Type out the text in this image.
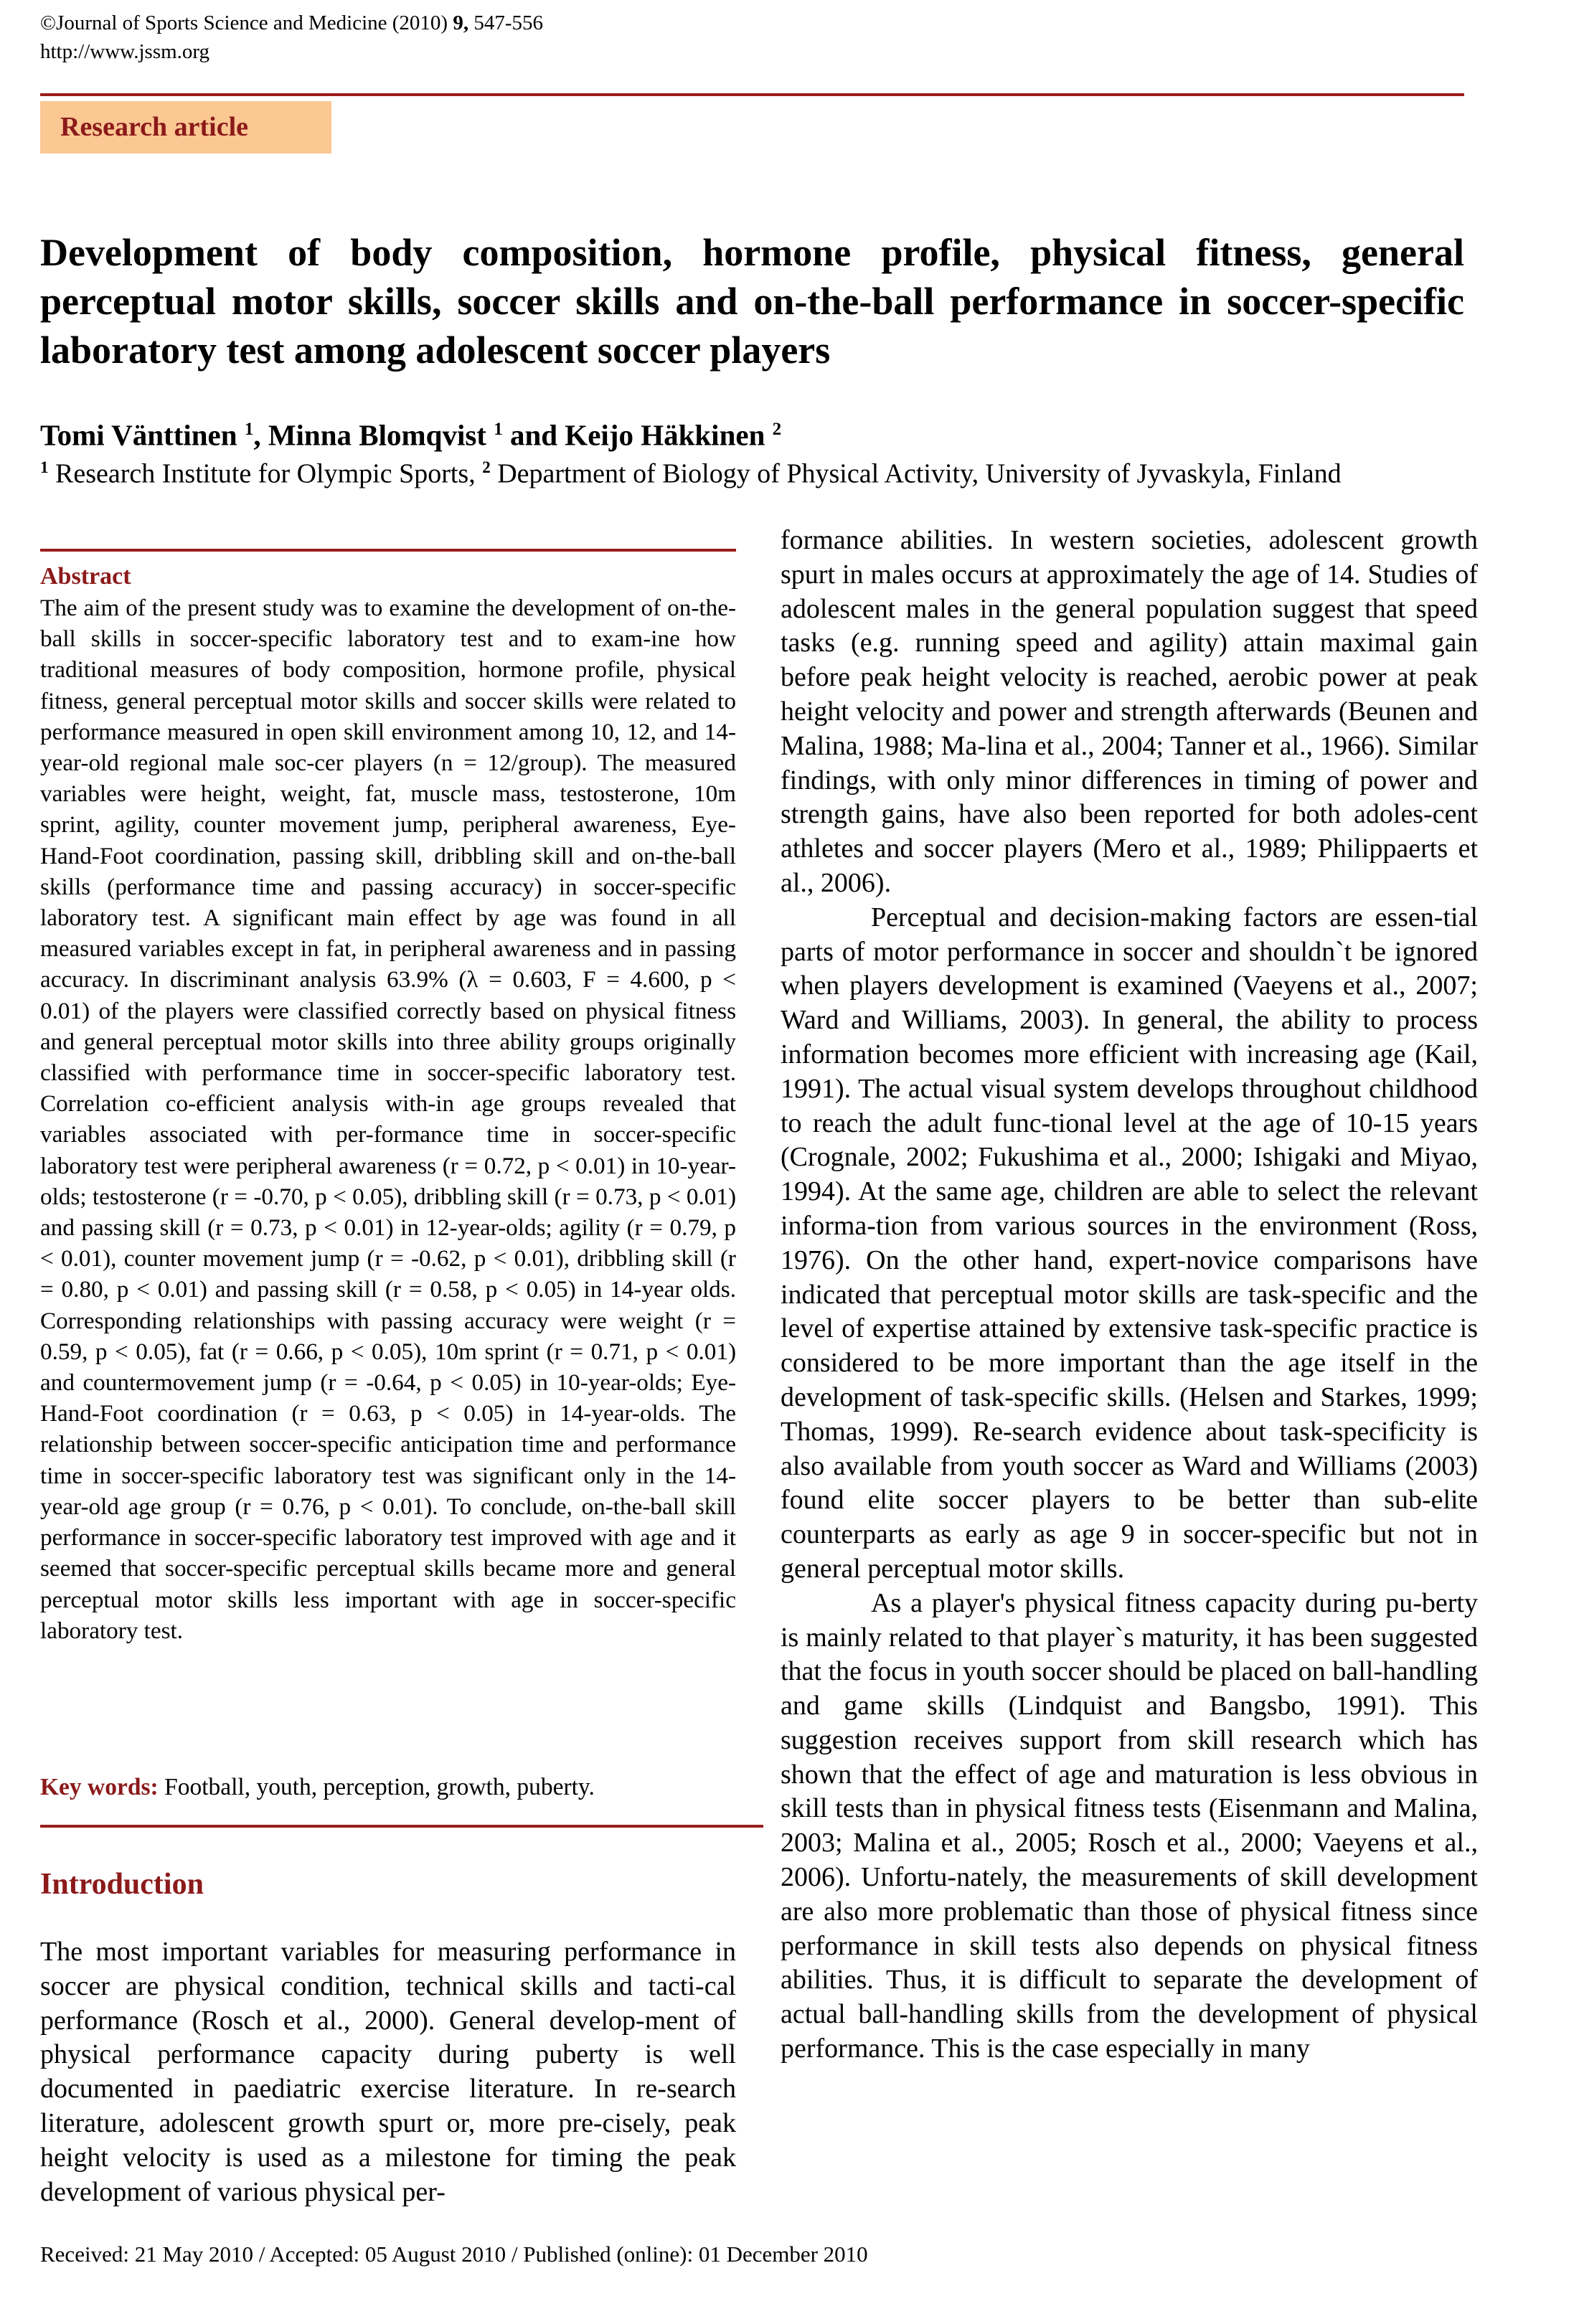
©Journal of Sports Science and Medicine (2010) 9, 547-556
http://www.jssm.org
Research article
Development of body composition, hormone profile, physical fitness, general perceptual motor skills, soccer skills and on-the-ball performance in soccer-specific laboratory test among adolescent soccer players
Tomi Vänttinen $^1$, Minna Blomqvist $^1$ and Keijo Häkkinen $^2$
$^1$ Research Institute for Olympic Sports, $^2$ Department of Biology of Physical Activity, University of Jyvaskyla, Finland
Abstract
The aim of the present study was to examine the development of on-the-ball skills in soccer-specific laboratory test and to exam-ine how traditional measures of body composition, hormone profile, physical fitness, general perceptual motor skills and soccer skills were related to performance measured in open skill environment among 10, 12, and 14-year-old regional male soc-cer players (n = 12/group). The measured variables were height, weight, fat, muscle mass, testosterone, 10m sprint, agility, counter movement jump, peripheral awareness, Eye-Hand-Foot coordination, passing skill, dribbling skill and on-the-ball skills (performance time and passing accuracy) in soccer-specific laboratory test. A significant main effect by age was found in all measured variables except in fat, in peripheral awareness and in passing accuracy. In discriminant analysis 63.9% (λ = 0.603, F = 4.600, p < 0.01) of the players were classified correctly based on physical fitness and general perceptual motor skills into three ability groups originally classified with performance time in soccer-specific laboratory test. Correlation co-efficient analysis with-in age groups revealed that variables associated with per-formance time in soccer-specific laboratory test were peripheral awareness (r = 0.72, p < 0.01) in 10-year-olds; testosterone (r = -0.70, p < 0.05), dribbling skill (r = 0.73, p < 0.01) and passing skill (r = 0.73, p < 0.01) in 12-year-olds; agility (r = 0.79, p < 0.01), counter movement jump (r = -0.62, p < 0.01), dribbling skill (r = 0.80, p < 0.01) and passing skill (r = 0.58, p < 0.05) in 14-year olds. Corresponding relationships with passing accuracy were weight (r = 0.59, p < 0.05), fat (r = 0.66, p < 0.05), 10m sprint (r = 0.71, p < 0.01) and countermovement jump (r = -0.64, p < 0.05) in 10-year-olds; Eye-Hand-Foot coordination (r = 0.63, p < 0.05) in 14-year-olds. The relationship between soccer-specific anticipation time and performance time in soccer-specific laboratory test was significant only in the 14-year-old age group (r = 0.76, p < 0.01). To conclude, on-the-ball skill performance in soccer-specific laboratory test improved with age and it seemed that soccer-specific perceptual skills became more and general perceptual motor skills less important with age in soccer-specific laboratory test.
Key words: Football, youth, perception, growth, puberty.
Introduction

The most important variables for measuring performance in soccer are physical condition, technical skills and tacti-cal performance (Rosch et al., 2000). General develop-ment of physical performance capacity during puberty is well documented in paediatric exercise literature. In re-search literature, adolescent growth spurt or, more pre-cisely, peak height velocity is used as a milestone for timing the peak development of various physical per-

formance abilities. In western societies, adolescent growth spurt in males occurs at approximately the age of 14. Studies of adolescent males in the general population suggest that speed tasks (e.g. running speed and agility) attain maximal gain before peak height velocity is reached, aerobic power at peak height velocity and power and strength afterwards (Beunen and Malina, 1988; Ma-lina et al., 2004; Tanner et al., 1966). Similar findings, with only minor differences in timing of power and strength gains, have also been reported for both adoles-cent athletes and soccer players (Mero et al., 1989; Philippaerts et al., 2006).

Perceptual and decision-making factors are essen-tial parts of motor performance in soccer and shouldn`t be ignored when players development is examined (Vaeyens et al., 2007; Ward and Williams, 2003). In general, the ability to process information becomes more efficient with increasing age (Kail, 1991). The actual visual system develops throughout childhood to reach the adult func-tional level at the age of 10-15 years (Crognale, 2002; Fukushima et al., 2000; Ishigaki and Miyao, 1994). At the same age, children are able to select the relevant informa-tion from various sources in the environment (Ross, 1976). On the other hand, expert-novice comparisons have indicated that perceptual motor skills are task-specific and the level of expertise attained by extensive task-specific practice is considered to be more important than the age itself in the development of task-specific skills. (Helsen and Starkes, 1999; Thomas, 1999). Re-search evidence about task-specificity is also available from youth soccer as Ward and Williams (2003) found elite soccer players to be better than sub-elite counterparts as early as age 9 in soccer-specific but not in general perceptual motor skills.

As a player's physical fitness capacity during pu-berty is mainly related to that player`s maturity, it has been suggested that the focus in youth soccer should be placed on ball-handling and game skills (Lindquist and Bangsbo, 1991). This suggestion receives support from skill research which has shown that the effect of age and maturation is less obvious in skill tests than in physical fitness tests (Eisenmann and Malina, 2003; Malina et al., 2005; Rosch et al., 2000; Vaeyens et al., 2006). Unfortu-nately, the measurements of skill development are also more problematic than those of physical fitness since performance in skill tests also depends on physical fitness abilities. Thus, it is difficult to separate the development of actual ball-handling skills from the development of physical performance. This is the case especially in many

Received: 21 May 2010 / Accepted: 05 August 2010 / Published (online): 01 December 2010
